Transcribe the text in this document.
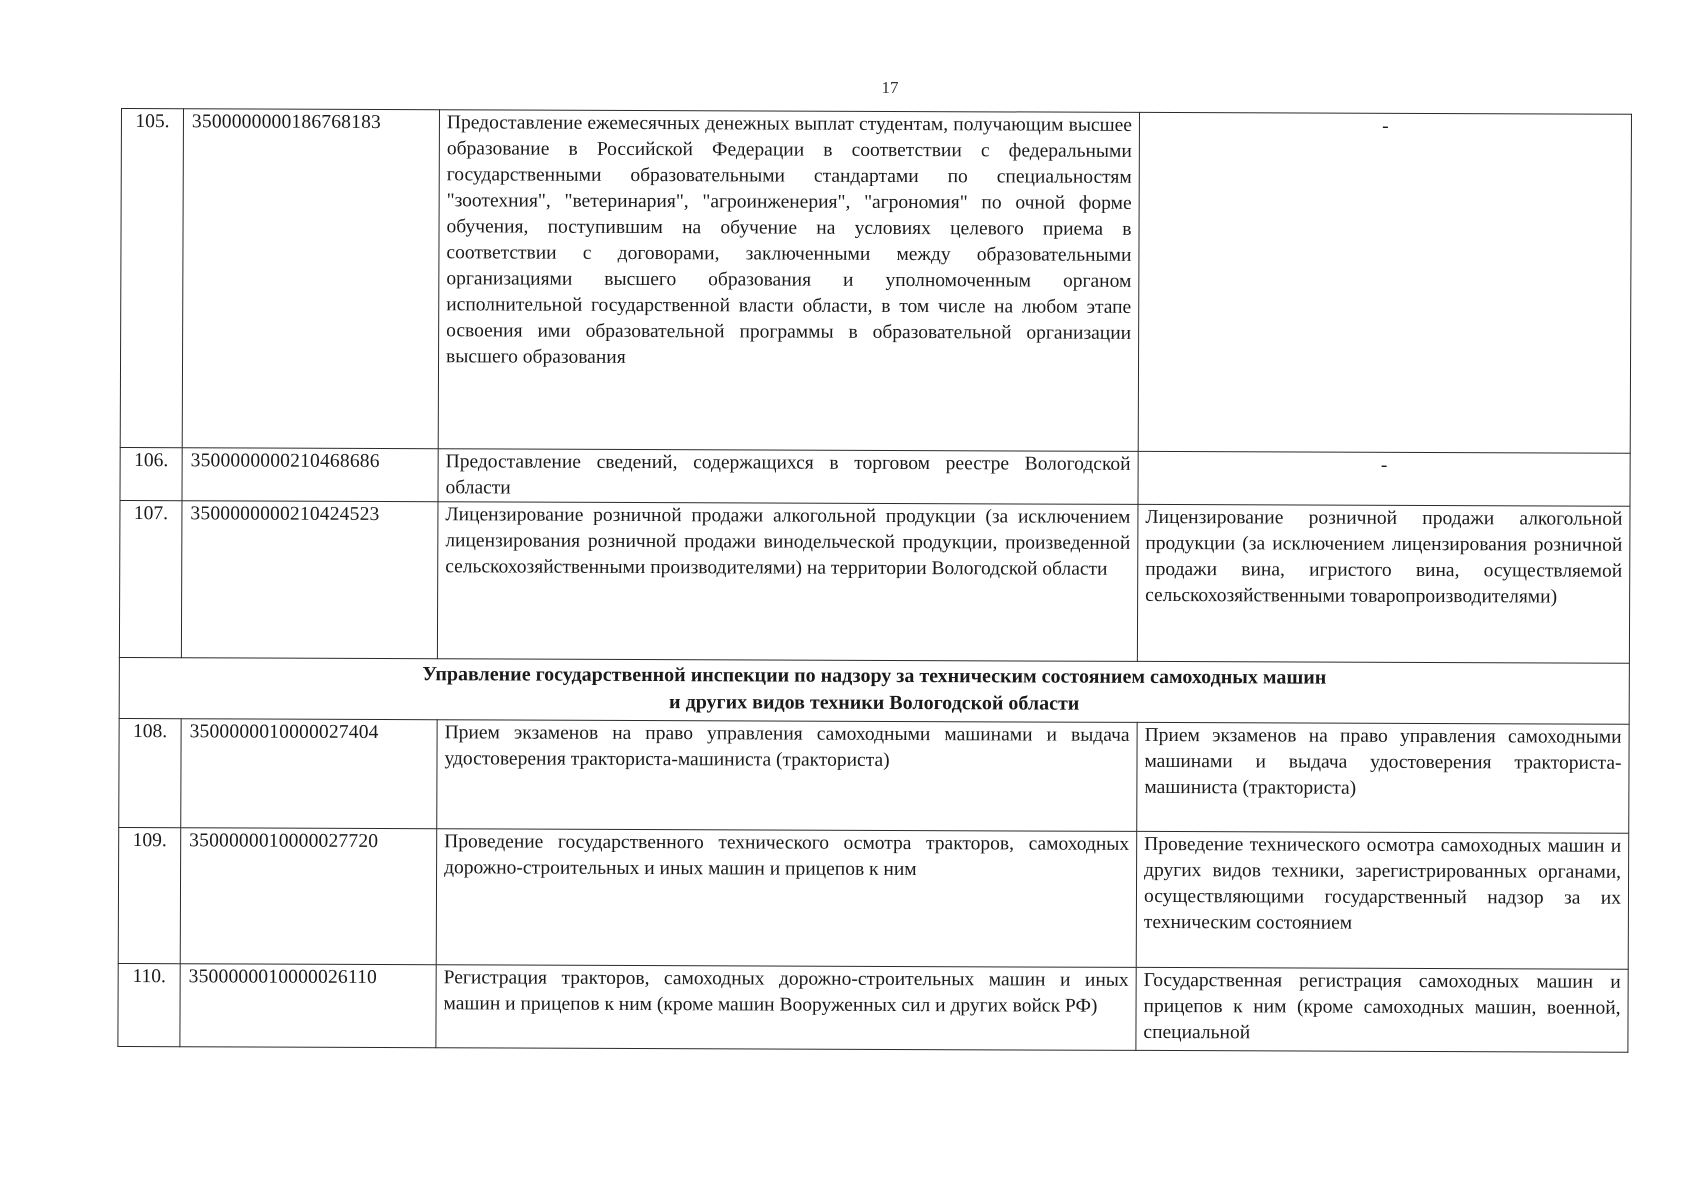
17
105.	3500000000186768183	Предоставление ежемесячных денежных выплат студентам, получающим высшее образование в Российской Федерации в соответствии с федеральными государственными образовательными стандартами по специальностям "зоотехния", "ветеринария", "агроинженерия", "агрономия" по очной форме обучения, поступившим на обучение на условиях целевого приема в соответствии с договорами, заключенными между образовательными организациями высшего образования и уполномоченным органом исполнительной государственной власти области, в том числе на любом этапе освоения ими образовательной программы в образовательной организации высшего образования	-
106.	3500000000210468686	Предоставление сведений, содержащихся в торговом реестре Вологодской области	-
107.	3500000000210424523	Лицензирование розничной продажи алкогольной продукции (за исключением лицензирования розничной продажи винодельческой продукции, произведенной сельскохозяйственными производителями) на территории Вологодской области	Лицензирование розничной продажи алкогольной продукции (за исключением лицензирования розничной продажи вина, игристого вина, осуществляемой сельскохозяйственными товаропроизводителями)

Управление государственной инспекции по надзору за техническим состоянием самоходных машин
и других видов техники Вологодской области			

108.	3500000010000027404	Прием экзаменов на право управления самоходными машинами и выдача удостоверения тракториста-машиниста (тракториста)	Прием экзаменов на право управления самоходными машинами и выдача удостоверения тракториста-машиниста (тракториста)
109.	3500000010000027720	Проведение государственного технического осмотра тракторов, самоходных дорожно-строительных и иных машин и прицепов к ним	Проведение технического осмотра самоходных машин и других видов техники, зарегистрированных органами, осуществляющими государственный надзор за их техническим состоянием
110.	3500000010000026110	Регистрация тракторов, самоходных дорожно-строительных машин и иных машин и прицепов к ним (кроме машин Вооруженных сил и других войск РФ)	Государственная регистрация самоходных машин и прицепов к ним (кроме самоходных машин, военной, специальной
